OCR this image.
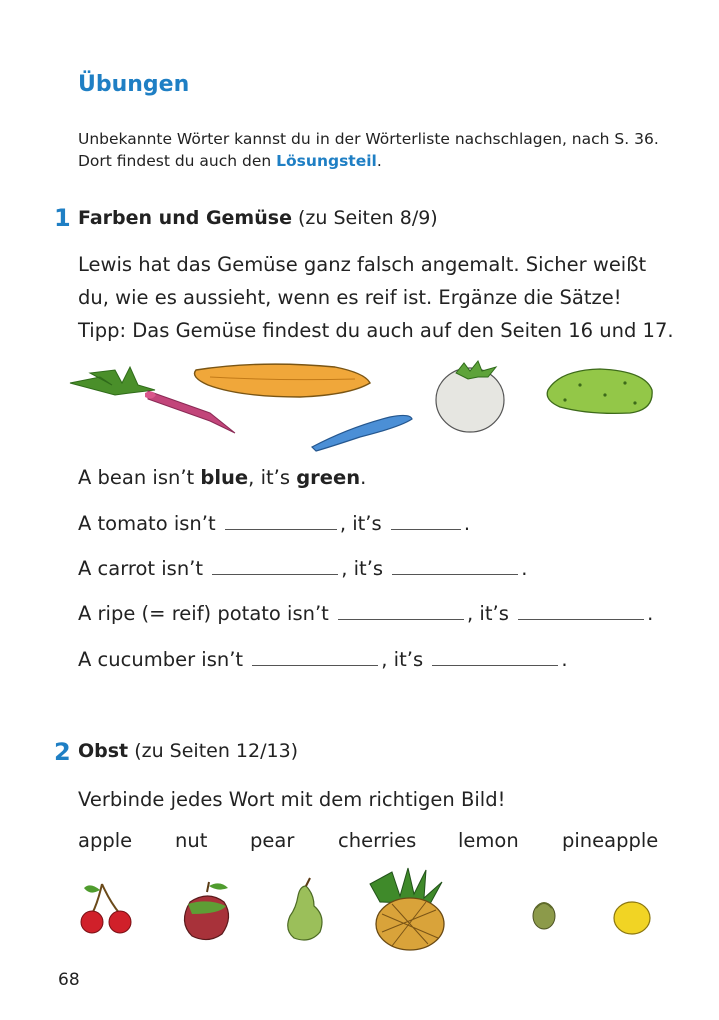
Übungen
Unbekannte Wörter kannst du in der Wörterliste nachschlagen, nach S. 36.
Dort findest du auch den Lösungsteil.
1 Farben und Gemüse (zu Seiten 8/9)
Lewis hat das Gemüse ganz falsch angemalt. Sicher weißt
du, wie es aussieht, wenn es reif ist. Ergänze die Sätze!
Tipp: Das Gemüse findest du auch auf den Seiten 16 und 17.
A bean isn’t blue, it’s green.
A tomato isn’t	, it’s	.
A carrot isn’t	, it’s	.
A ripe (= reif) potato isn’t	, it’s	.
A cucumber isn’t	, it’s	.
2 Obst (zu Seiten 12/13)
Verbinde jedes Wort mit dem richtigen Bild!
apple nut pear cherries lemon pineapple
68
